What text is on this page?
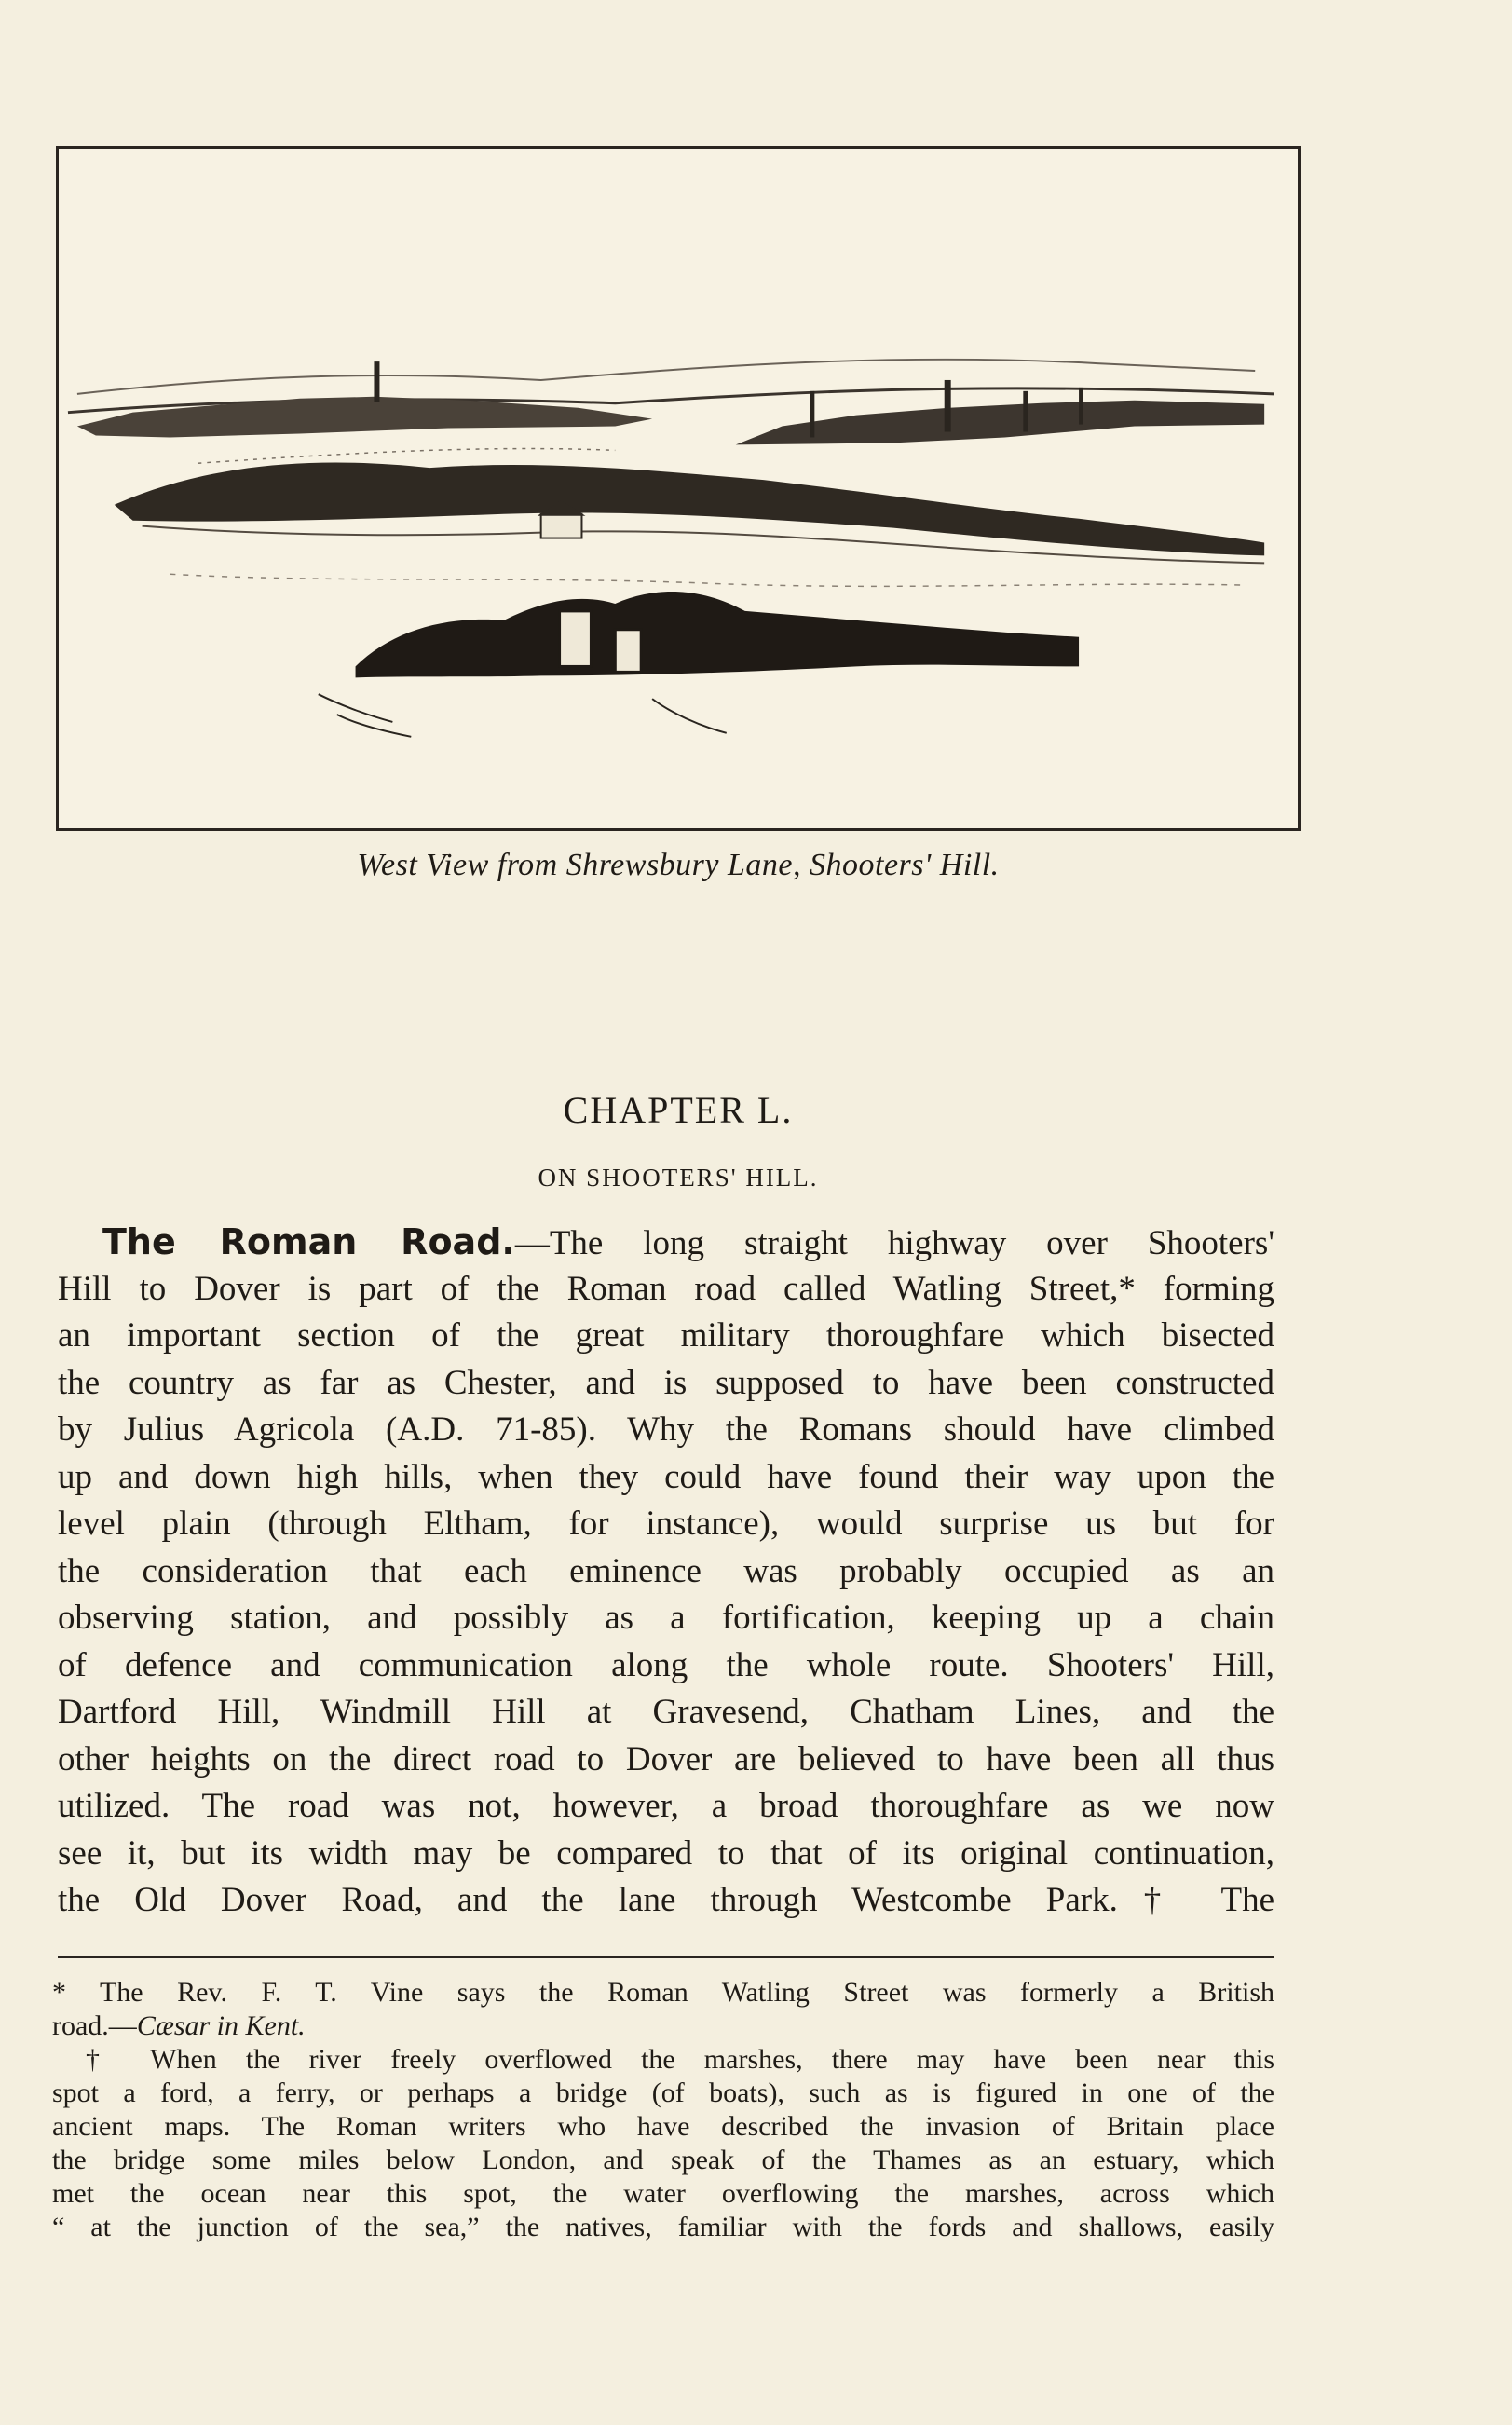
West View from Shrewsbury Lane, Shooters' Hill.
CHAPTER L.
ON SHOOTERS' HILL.
The Roman Road.—The long straight highway over Shooters'
Hill to Dover is part of the Roman road called Watling Street,* forming
an important section of the great military thoroughfare which bisected
the country as far as Chester, and is supposed to have been constructed
by Julius Agricola (A.D. 71-85). Why the Romans should have climbed
up and down high hills, when they could have found their way upon the
level plain (through Eltham, for instance), would surprise us but for
the consideration that each eminence was probably occupied as an
observing station, and possibly as a fortification, keeping up a chain
of defence and communication along the whole route. Shooters' Hill,
Dartford Hill, Windmill Hill at Gravesend, Chatham Lines, and the
other heights on the direct road to Dover are believed to have been all thus
utilized. The road was not, however, a broad thoroughfare as we now
see it, but its width may be compared to that of its original continuation,
the Old Dover Road, and the lane through Westcombe Park.† The
* The Rev. F. T. Vine says the Roman Watling Street was formerly a British
road.—Cæsar in Kent.
† When the river freely overflowed the marshes, there may have been near this
spot a ford, a ferry, or perhaps a bridge (of boats), such as is figured in one of the
ancient maps. The Roman writers who have described the invasion of Britain place
the bridge some miles below London, and speak of the Thames as an estuary, which
met the ocean near this spot, the water overflowing the marshes, across which
“ at the junction of the sea,” the natives, familiar with the fords and shallows, easily
